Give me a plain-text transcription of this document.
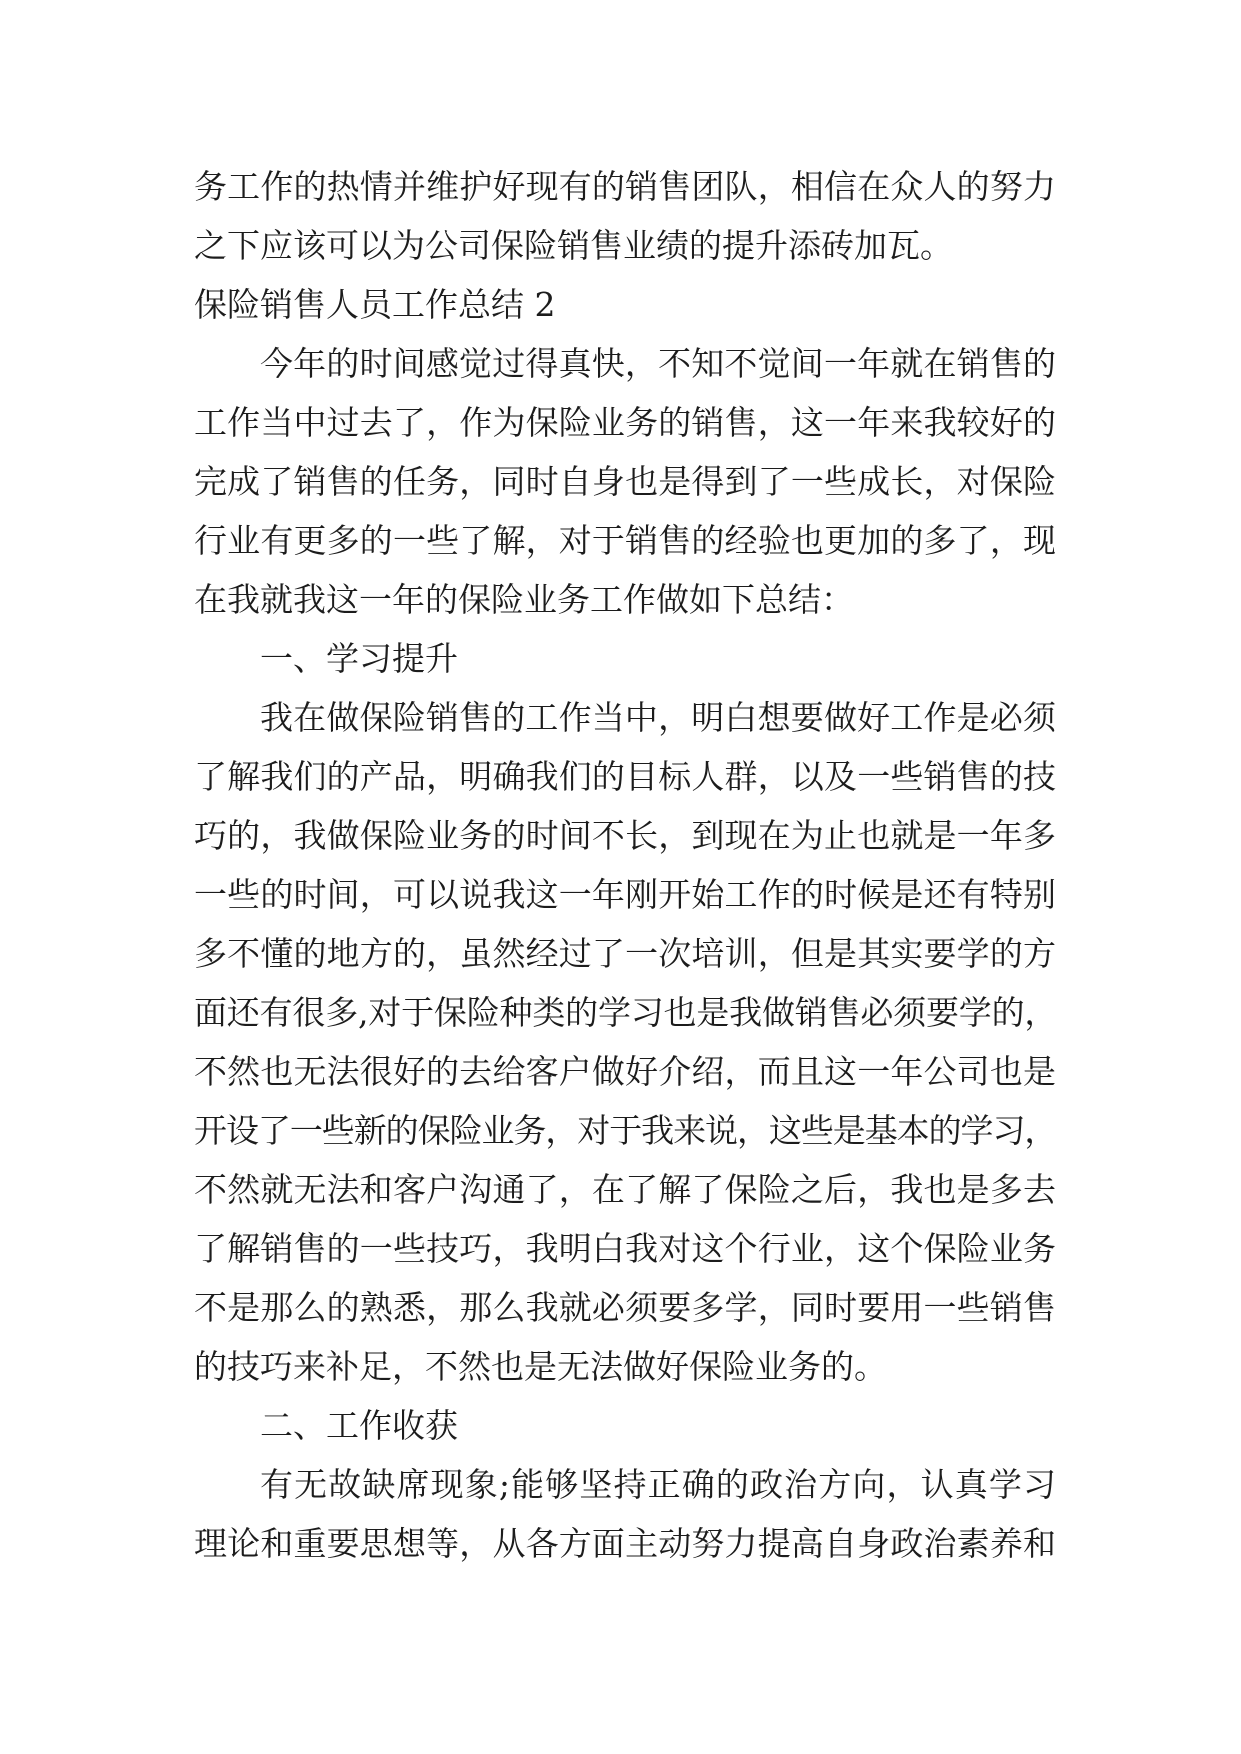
务工作的热情并维护好现有的销售团队，相信在众人的努力
之下应该可以为公司保险销售业绩的提升添砖加瓦。
保险销售人员工作总结 2
今年的时间感觉过得真快，不知不觉间一年就在销售的
工作当中过去了，作为保险业务的销售，这一年来我较好的
完成了销售的任务，同时自身也是得到了一些成长，对保险
行业有更多的一些了解，对于销售的经验也更加的多了，现
在我就我这一年的保险业务工作做如下总结：
一、学习提升
我在做保险销售的工作当中，明白想要做好工作是必须
了解我们的产品，明确我们的目标人群，以及一些销售的技
巧的，我做保险业务的时间不长，到现在为止也就是一年多
一些的时间，可以说我这一年刚开始工作的时候是还有特别
多不懂的地方的，虽然经过了一次培训，但是其实要学的方
面还有很多,对于保险种类的学习也是我做销售必须要学的，
不然也无法很好的去给客户做好介绍，而且这一年公司也是
开设了一些新的保险业务，对于我来说，这些是基本的学习，
不然就无法和客户沟通了，在了解了保险之后，我也是多去
了解销售的一些技巧，我明白我对这个行业，这个保险业务
不是那么的熟悉，那么我就必须要多学，同时要用一些销售
的技巧来补足，不然也是无法做好保险业务的。
二、工作收获
有无故缺席现象;能够坚持正确的政治方向，认真学习
理论和重要思想等，从各方面主动努力提高自身政治素养和
